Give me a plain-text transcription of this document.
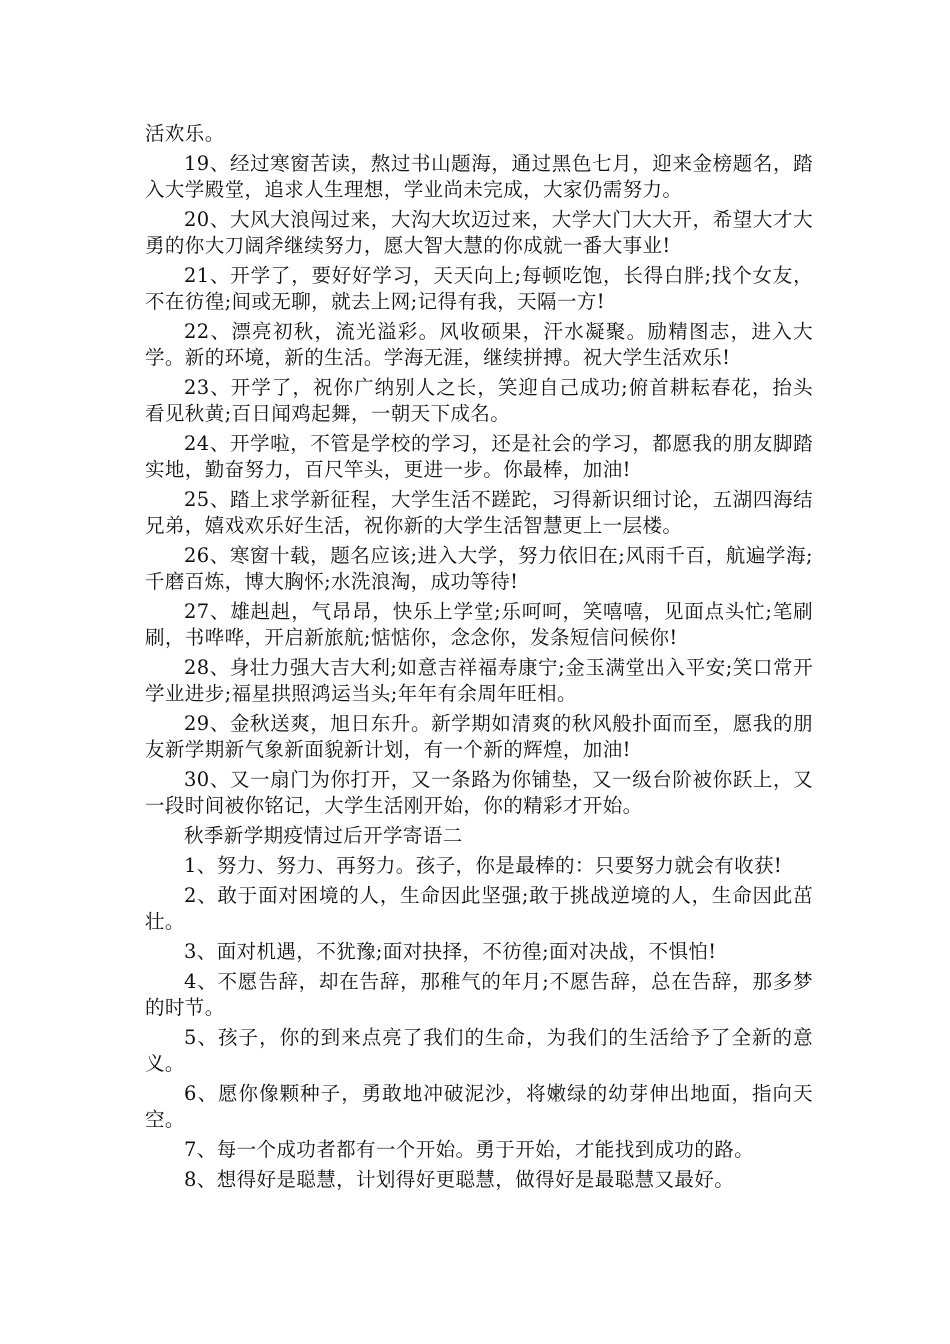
活欢乐。

19、经过寒窗苦读，熬过书山题海，通过黑色七月，迎来金榜题名，踏入大学殿堂，追求人生理想，学业尚未完成，大家仍需努力。

20、大风大浪闯过来，大沟大坎迈过来，大学大门大大开，希望大才大勇的你大刀阔斧继续努力，愿大智大慧的你成就一番大事业!

21、开学了，要好好学习，天天向上;每顿吃饱，长得白胖;找个女友，不在彷徨;间或无聊，就去上网;记得有我，天隔一方!

22、漂亮初秋，流光溢彩。风收硕果，汗水凝聚。励精图志，进入大学。新的环境，新的生活。学海无涯，继续拼搏。祝大学生活欢乐!

23、开学了，祝你广纳别人之长，笑迎自己成功;俯首耕耘春花，抬头看见秋黄;百日闻鸡起舞，一朝天下成名。

24、开学啦，不管是学校的学习，还是社会的学习，都愿我的朋友脚踏实地，勤奋努力，百尺竿头，更进一步。你最棒，加油!

25、踏上求学新征程，大学生活不蹉跎，习得新识细讨论，五湖四海结兄弟，嬉戏欢乐好生活，祝你新的大学生活智慧更上一层楼。

26、寒窗十载，题名应该;进入大学，努力依旧在;风雨千百，航遍学海;千磨百炼，博大胸怀;水洗浪淘，成功等待!

27、雄赳赳，气昂昂，快乐上学堂;乐呵呵，笑嘻嘻，见面点头忙;笔刷刷，书哗哗，开启新旅航;惦惦你，念念你，发条短信问候你!

28、身壮力强大吉大利;如意吉祥福寿康宁;金玉满堂出入平安;笑口常开学业进步;福星拱照鸿运当头;年年有余周年旺相。

29、金秋送爽，旭日东升。新学期如清爽的秋风般扑面而至，愿我的朋友新学期新气象新面貌新计划，有一个新的辉煌，加油!

30、又一扇门为你打开，又一条路为你铺垫，又一级台阶被你跃上，又一段时间被你铭记，大学生活刚开始，你的精彩才开始。

秋季新学期疫情过后开学寄语二

1、努力、努力、再努力。孩子，你是最棒的：只要努力就会有收获!

2、敢于面对困境的人，生命因此坚强;敢于挑战逆境的人，生命因此茁壮。

3、面对机遇，不犹豫;面对抉择，不彷徨;面对决战，不惧怕!

4、不愿告辞，却在告辞，那稚气的年月;不愿告辞，总在告辞，那多梦的时节。

5、孩子，你的到来点亮了我们的生命，为我们的生活给予了全新的意义。

6、愿你像颗种子，勇敢地冲破泥沙，将嫩绿的幼芽伸出地面，指向天空。

7、每一个成功者都有一个开始。勇于开始，才能找到成功的路。

8、想得好是聪慧，计划得好更聪慧，做得好是最聪慧又最好。
